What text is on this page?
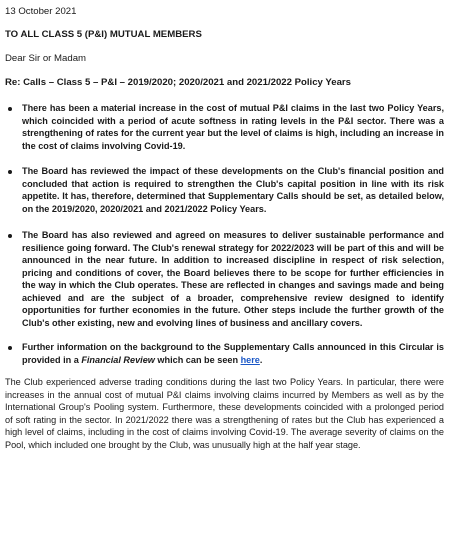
13 October 2021
TO ALL CLASS 5 (P&I) MUTUAL MEMBERS
Dear Sir or Madam
Re: Calls – Class 5 – P&I – 2019/2020; 2020/2021 and 2021/2022 Policy Years
There has been a material increase in the cost of mutual P&I claims in the last two Policy Years, which coincided with a period of acute softness in rating levels in the P&I sector. There was a strengthening of rates for the current year but the level of claims is high, including an increase in the cost of claims involving Covid-19.
The Board has reviewed the impact of these developments on the Club's financial position and concluded that action is required to strengthen the Club's capital position in line with its risk appetite. It has, therefore, determined that Supplementary Calls should be set, as detailed below, on the 2019/2020, 2020/2021 and 2021/2022 Policy Years.
The Board has also reviewed and agreed on measures to deliver sustainable performance and resilience going forward. The Club's renewal strategy for 2022/2023 will be part of this and will be announced in the near future. In addition to increased discipline in respect of risk selection, pricing and conditions of cover, the Board believes there to be scope for further efficiencies in the way in which the Club operates. These are reflected in changes and savings made and being achieved and are the subject of a broader, comprehensive review designed to identify opportunities for further economies in the future. Other steps include the further growth of the Club's other existing, new and evolving lines of business and ancillary covers.
Further information on the background to the Supplementary Calls announced in this Circular is provided in a Financial Review which can be seen here.

The Club experienced adverse trading conditions during the last two Policy Years. In particular, there were increases in the annual cost of mutual P&I claims involving claims incurred by Members as well as by the International Group's Pooling system. Furthermore, these developments coincided with a prolonged period of soft rating in the sector. In 2021/2022 there was a strengthening of rates but the Club has experienced a high level of claims, including in the cost of claims involving Covid-19. The average severity of claims on the Pool, which included one brought by the Club, was unusually high at the half year stage.
